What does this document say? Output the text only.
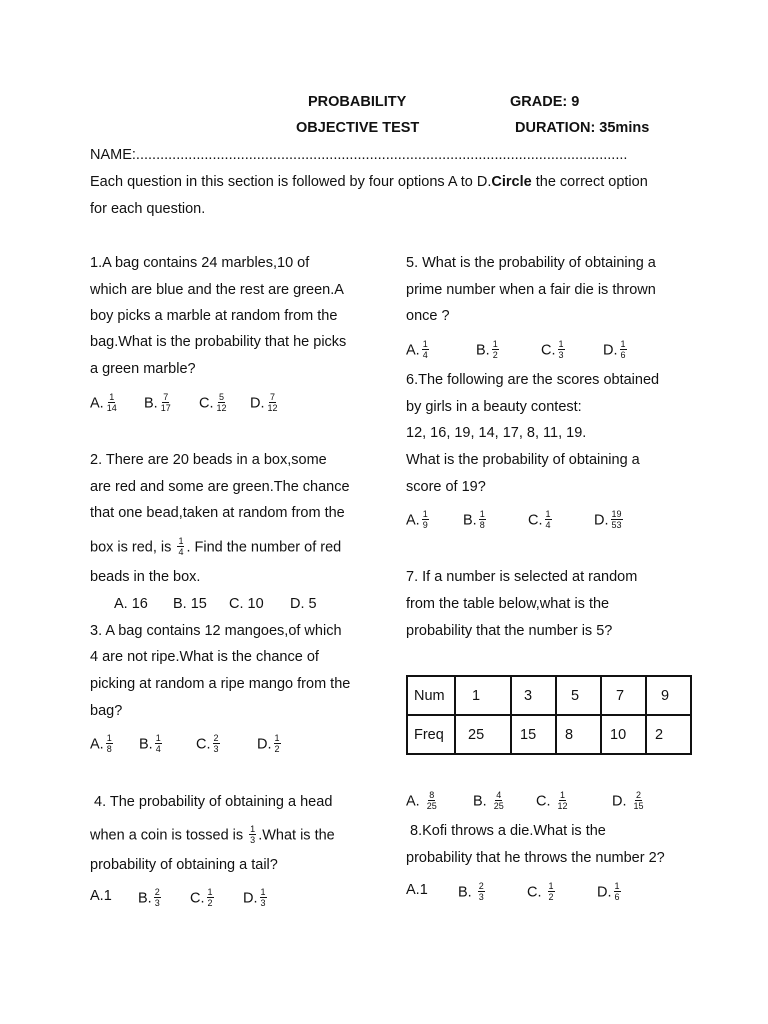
PROBABILITY	GRADE: 9
OBJECTIVE TEST	DURATION: 35mins
NAME:..........................................................................................................................
Each question in this section is followed by four options A to D.Circle the correct option
for each question.
1.A bag contains 24 marbles,10 of
which are blue and the rest are green.A
boy picks a marble at random from the
bag.What is the probability that he picks
a green marble?
A. $\frac{1}{14} B$. $\frac{7}{17} C$. $\frac{5}{12} D$. $\frac{7}{12}$
2. There are 20 beads in a box,some
are red and some are green.The chance
that one bead,taken at random from the
box is red, is $\frac{1}{4}$ . Find the number of red
beads in the box.
A. 16 B. 15 C. 10 D. 5
3. A bag contains 12 mangoes,of which
4 are not ripe.What is the chance of
picking at random a ripe mango from the
bag?
A. $\frac{1}{8} B$. $\frac{1}{4} C$. $\frac{2}{3}$	D. $\frac{1}{2}$
4. The probability of obtaining a head
when a coin is tossed is $\frac{1}{3}$ .What is the
probability of obtaining a tail?
A.1 B. $\frac{2}{3} C$. $\frac{1}{2} D$. $\frac{1}{3}$
5. What is the probability of obtaining a
prime number when a fair die is thrown
once ?
A. $\frac{1}{4}$	B. $\frac{1}{2}$	C. $\frac{1}{3}$	D. $\frac{1}{6}$
6.The following are the scores obtained
by girls in a beauty contest:
12, 16, 19, 14, 17, 8, 11, 19.
What is the probability of obtaining a
score of 19?
A. $\frac{1}{9} B$. $\frac{1}{8}$	C. $\frac{1}{4}$	D. $\frac{19}{53}$
7. If a number is selected at random
from the table below,what is the
probability that the number is 5?
Num	1	3	5	7	9
Freq	25	15	8	10	2
A. $\frac{8}{25} B$. $\frac{4}{25} C$. $\frac{1}{12}$	D. $\frac{2}{15}$
8.Kofi throws a die.What is the
probability that he throws the number 2?
A.1 B. $\frac{2}{3}$	C. $\frac{1}{2}$	D. $\frac{1}{6}$
